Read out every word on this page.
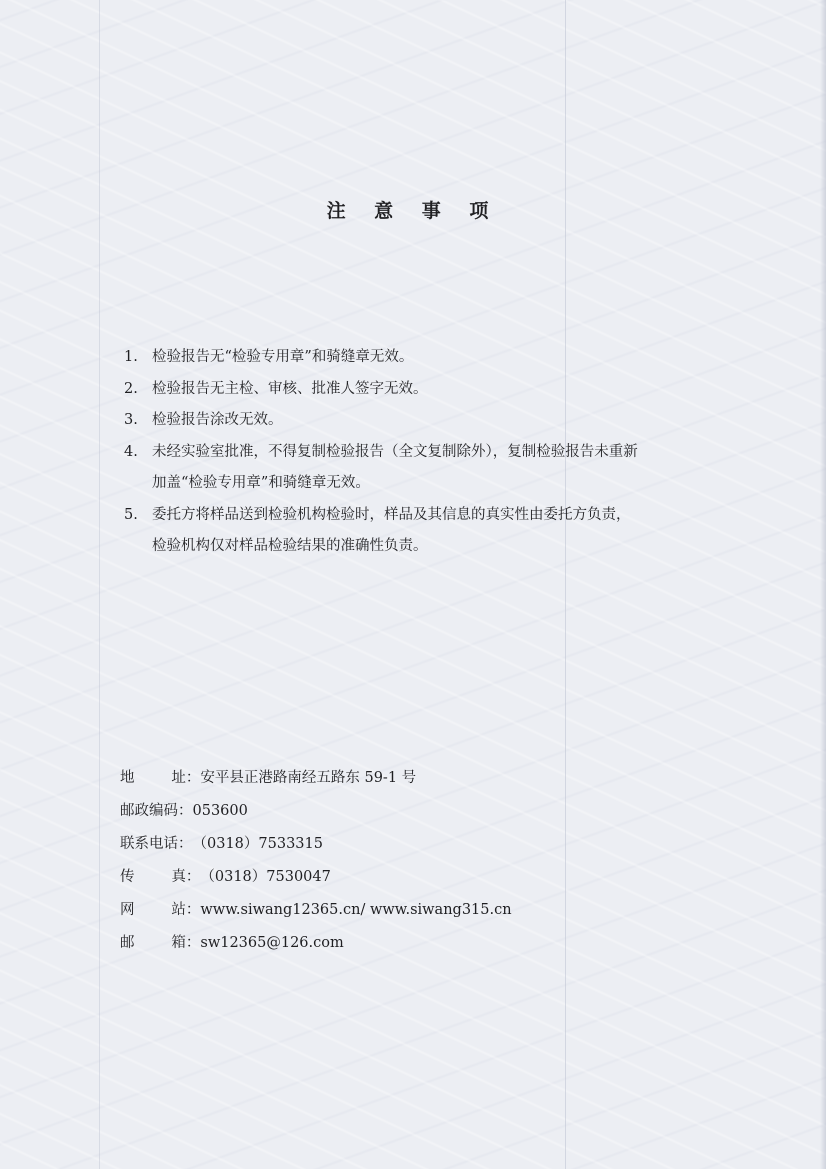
注 意 事 项
1. 检验报告无“检验专用章”和骑缝章无效。
2. 检验报告无主检、审核、批准人签字无效。
3. 检验报告涂改无效。
4. 未经实验室批准，不得复制检验报告（全文复制除外），复制检验报告未重新
加盖“检验专用章”和骑缝章无效。
5. 委托方将样品送到检验机构检验时，样品及其信息的真实性由委托方负责，
检验机构仅对样品检验结果的准确性负责。
地        址：安平县正港路南经五路东 59-1 号
邮政编码：053600
联系电话：（0318）7533315
传        真：（0318）7530047
网        站：www.siwang12365.cn/ www.siwang315.cn
邮        箱：sw12365@126.com
